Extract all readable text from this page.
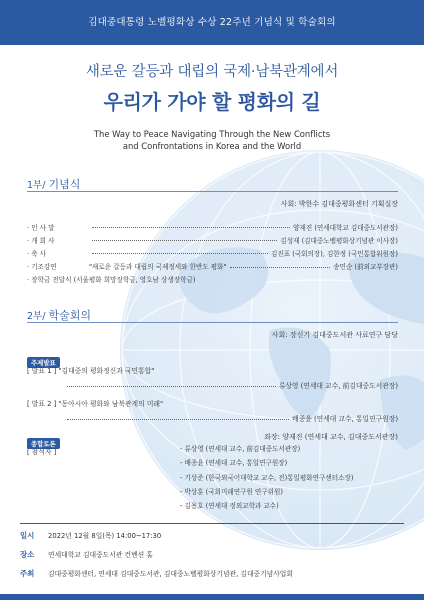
김대중대통령 노벨평화상 수상 22주년 기념식 및 학술회의
새로운 갈등과 대립의 국제·남북관계에서
우리가 가야 할 평화의 길
The Way to Peace Navigating Through the New Conflicts
and Confrontations in Korea and the World
1부/ 기념식
사회: 박한수 김대중평화센터 기획실장
· 인 사 말	양재진 (연세대학교 김대중도서관장)
· 개 회 사	김성재 (김대중노벨평화상기념관 이사장)
· 축 사	김진표 (국회의장), 김한정 (국민통합위원장)
· 기조강연	"새로운 갈등과 대립의 국제정세와 한반도 평화"	송민순 (前외교부장관)
· 장학금 전달식 (서울평화 희망장학금, 영호남 상생장학금)
2부/ 학술회의
사회: 장신기 김대중도서관 사료연구 담당
주제발표
[ 발표 1 ] "김대중의 평화정신과 국민통합"
류상영 (연세대 교수, 前김대중도서관장)
[ 발표 2 ] "동아시아 평화와 남북관계의 미래"
배종윤 (연세대 교수, 통일연구원장)
종합토론
좌장: 양재진 (연세대 교수, 김대중도서관장)
[ 참석자 ]	- 류상영 (연세대 교수, 前김대중도서관장)
- 배종윤 (연세대 교수, 통일연구원장)
- 기상준 (한국외국어대학교 교수, 전)통일평화연구센터소장)
- 박상훈 (국회미래연구원 연구위원)
- 김용호 (연세대 정외교학과 교수)
일시 2022년 12월 8일(목) 14:00~17:30
장소 연세대학교 김대중도서관 컨벤션 홀
주최 김대중평화센터, 연세대 김대중도서관, 김대중노벨평화상기념관, 김대중기념사업회
